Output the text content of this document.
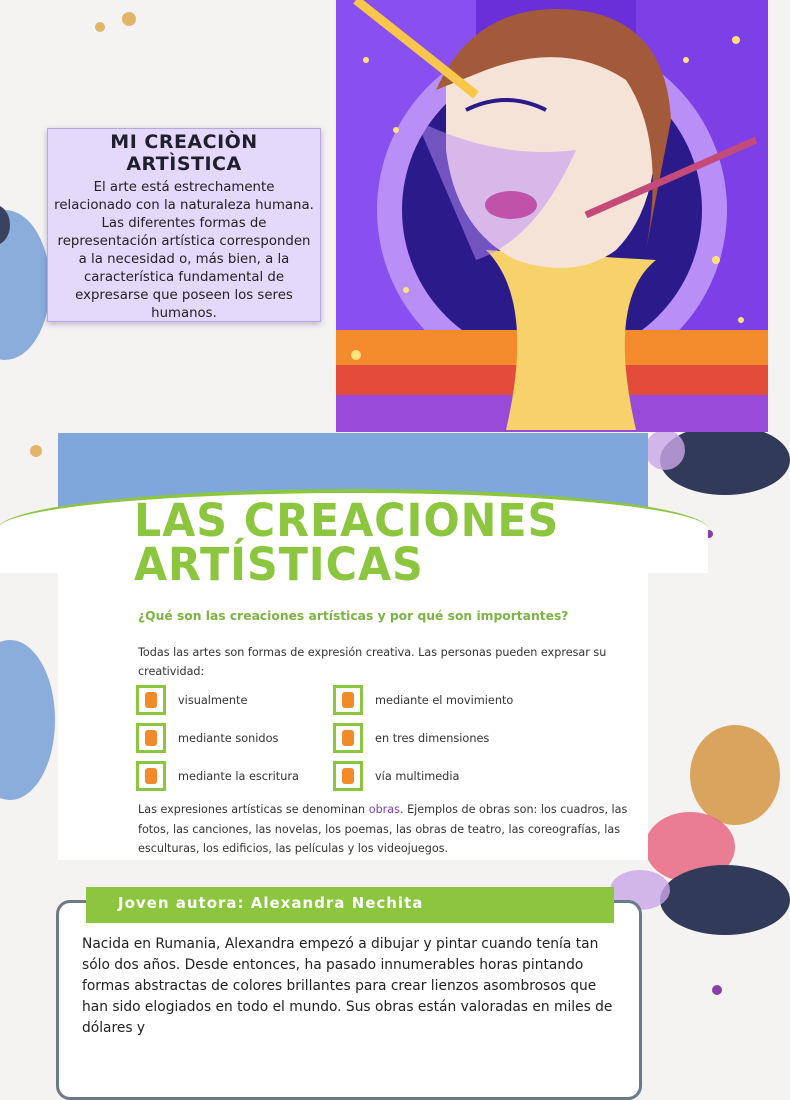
MI CREACIÒN ARTÌSTICA

El arte está estrechamente relacionado con la naturaleza humana. Las diferentes formas de representación artística corresponden a la necesidad o, más bien, a la característica fundamental de expresarse que poseen los seres humanos.

LAS CREACIONES
ARTÍSTICAS
¿Qué son las creaciones artísticas y por qué son importantes?
Todas las artes son formas de expresión creativa. Las personas pueden expresar su creatividad:
visualmente	mediante el movimiento
mediante sonidos	en tres dimensiones
mediante la escritura	vía multimedia
Las expresiones artísticas se denominan obras. Ejemplos de obras son: los cuadros, las fotos, las canciones, las novelas, los poemas, las obras de teatro, las coreografías, las esculturas, los edificios, las películas y los videojuegos.
Joven autora: Alexandra Nechita
Nacida en Rumania, Alexandra empezó a dibujar y pintar cuando tenía tan sólo dos años. Desde entonces, ha pasado innumerables horas pintando formas abstractas de colores brillantes para crear lienzos asombrosos que han sido elogiados en todo el mundo. Sus obras están valoradas en miles de dólares y
